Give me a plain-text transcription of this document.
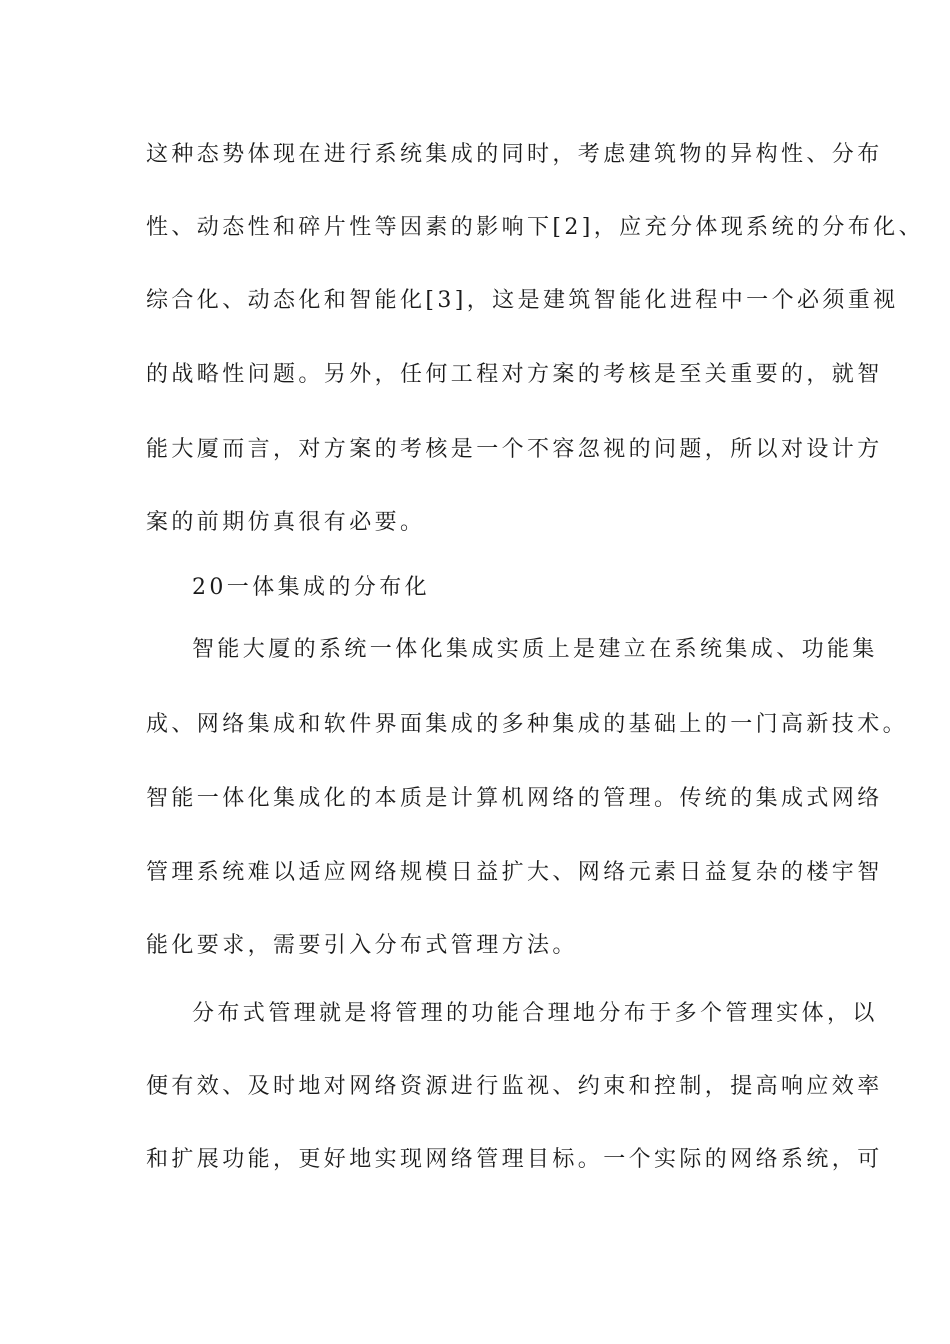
这种态势体现在进行系统集成的同时，考虑建筑物的异构性、分布

性、动态性和碎片性等因素的影响下[2]，应充分体现系统的分布化、

综合化、动态化和智能化[3]，这是建筑智能化进程中一个必须重视

的战略性问题。另外，任何工程对方案的考核是至关重要的，就智

能大厦而言，对方案的考核是一个不容忽视的问题，所以对设计方

案的前期仿真很有必要。

20一体集成的分布化

智能大厦的系统一体化集成实质上是建立在系统集成、功能集

成、网络集成和软件界面集成的多种集成的基础上的一门高新技术。

智能一体化集成化的本质是计算机网络的管理。传统的集成式网络

管理系统难以适应网络规模日益扩大、网络元素日益复杂的楼宇智

能化要求，需要引入分布式管理方法。

分布式管理就是将管理的功能合理地分布于多个管理实体，以

便有效、及时地对网络资源进行监视、约束和控制，提高响应效率

和扩展功能，更好地实现网络管理目标。一个实际的网络系统，可
